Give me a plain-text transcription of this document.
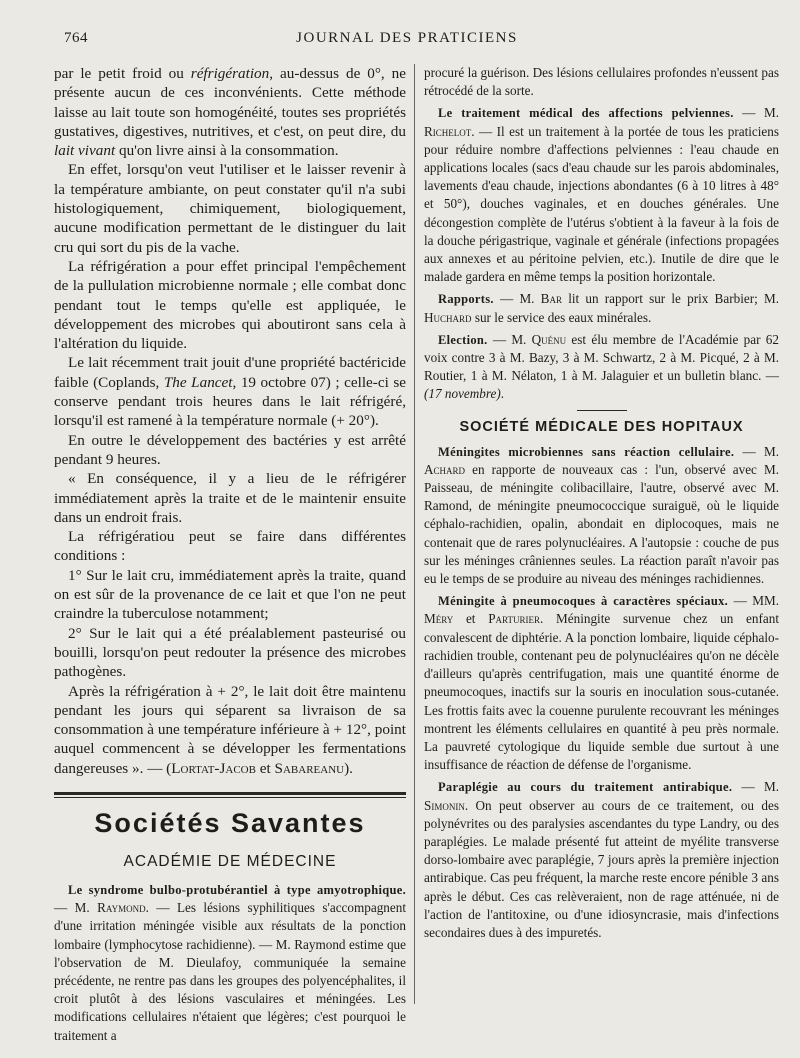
764	JOURNAL DES PRATICIENS

par le petit froid ou réfrigération, au-dessus de 0°, ne présente aucun de ces inconvénients. Cette méthode laisse au lait toute son homogénéité, toutes ses propriétés gustatives, digestives, nutritives, et c'est, on peut dire, du lait vivant qu'on livre ainsi à la consommation.

En effet, lorsqu'on veut l'utiliser et le laisser revenir à la température ambiante, on peut constater qu'il n'a subi histologiquement, chimiquement, biologiquement, aucune modification permettant de le distinguer du lait cru qui sort du pis de la vache.

La réfrigération a pour effet principal l'empêchement de la pullulation microbienne normale ; elle combat donc pendant tout le temps qu'elle est appliquée, le développement des microbes qui aboutiront sans cela à l'altération du liquide.

Le lait récemment trait jouit d'une propriété bactéricide faible (Coplands, The Lancet, 19 octobre 07) ; celle-ci se conserve pendant trois heures dans le lait réfrigéré, lorsqu'il est ramené à la température normale (+ 20°).

En outre le développement des bactéries y est arrêté pendant 9 heures.

« En conséquence, il y a lieu de le réfrigérer immédiatement après la traite et de le maintenir ensuite dans un endroit frais.

La réfrigératiou peut se faire dans différentes conditions :

1° Sur le lait cru, immédiatement après la traite, quand on est sûr de la provenance de ce lait et que l'on ne peut craindre la tuberculose notamment;

2° Sur le lait qui a été préalablement pasteurisé ou bouilli, lorsqu'on peut redouter la présence des microbes pathogènes.

Après la réfrigération à + 2°, le lait doit être maintenu pendant les jours qui séparent sa livraison de sa consommation à une température inférieure à + 12°, point auquel commencent à se développer les fermentations dangereuses ». — (Lortat-Jacob et Sabareanu).

Sociétés Savantes
ACADÉMIE DE MÉDECINE

Le syndrome bulbo-protubérantiel à type amyotrophique. — M. Raymond. — Les lésions syphilitiques s'accompagnent d'une irritation méningée visible aux résultats de la ponction lombaire (lymphocytose rachidienne). — M. Raymond estime que l'observation de M. Dieulafoy, communiquée la semaine précédente, ne rentre pas dans les groupes des polyencéphalites, il croit plutôt à des lésions vasculaires et méningées. Les modifications cellulaires n'étaient que légères; c'est pourquoi le traitement a

procuré la guérison. Des lésions cellulaires profondes n'eussent pas rétrocédé de la sorte.

Le traitement médical des affections pelviennes. — M. Richelot. — Il est un traitement à la portée de tous les praticiens pour réduire nombre d'affections pelviennes : l'eau chaude en applications locales (sacs d'eau chaude sur les parois abdominales, lavements d'eau chaude, injections abondantes (6 à 10 litres à 48° et 50°), douches vaginales, et en douches générales. Une décongestion complète de l'utérus s'obtient à la faveur à la fois de la douche périgastrique, vaginale et générale (infections propagées aux annexes et au péritoine pelvien, etc.). Inutile de dire que le malade gardera en même temps la position horizontale.

Rapports. — M. Bar lit un rapport sur le prix Barbier; M. Huchard sur le service des eaux minérales.

Election. — M. Quénu est élu membre de l'Académie par 62 voix contre 3 à M. Bazy, 3 à M. Schwartz, 2 à M. Picqué, 2 à M. Routier, 1 à M. Nélaton, 1 à M. Jalaguier et un bulletin blanc. — (17 novembre).

SOCIÉTÉ MÉDICALE DES HOPITAUX

Méningites microbiennes sans réaction cellulaire. — M. Achard en rapporte de nouveaux cas : l'un, observé avec M. Paisseau, de méningite colibacillaire, l'autre, observé avec M. Ramond, de méningite pneumococcique suraiguë, où le liquide céphalo-rachidien, opalin, abondait en diplocoques, mais ne contenait que de rares polynucléaires. A l'autopsie : couche de pus sur les méninges crâniennes seules. La réaction paraît n'avoir pas eu le temps de se produire au niveau des méninges rachidiennes.

Méningite à pneumocoques à caractères spéciaux. — MM. Méry et Parturier. Méningite survenue chez un enfant convalescent de diphtérie. A la ponction lombaire, liquide céphalo-rachidien trouble, contenant peu de polynucléaires qu'on ne décèle d'ailleurs qu'après centrifugation, mais une quantité énorme de pneumocoques, inactifs sur la souris en inoculation sous-cutanée. Les frottis faits avec la couenne purulente recouvrant les méninges montrent les éléments cellulaires en quantité à peu près normale. La pauvreté cytologique du liquide semble due surtout à une insuffisance de réaction de défense de l'organisme.

Paraplégie au cours du traitement antirabique. — M. Simonin. On peut observer au cours de ce traitement, ou des polynévrites ou des paralysies ascendantes du type Landry, ou des paraplégies. Le malade présenté fut atteint de myélite transverse dorso-lombaire avec paraplégie, 7 jours après la première injection antirabique. Cas peu fréquent, la marche reste encore pénible 3 ans après le début. Ces cas relèveraient, non de rage atténuée, ni de l'action de l'antitoxine, ou d'une idiosyncrasie, mais d'infections secondaires dues à des impuretés.
